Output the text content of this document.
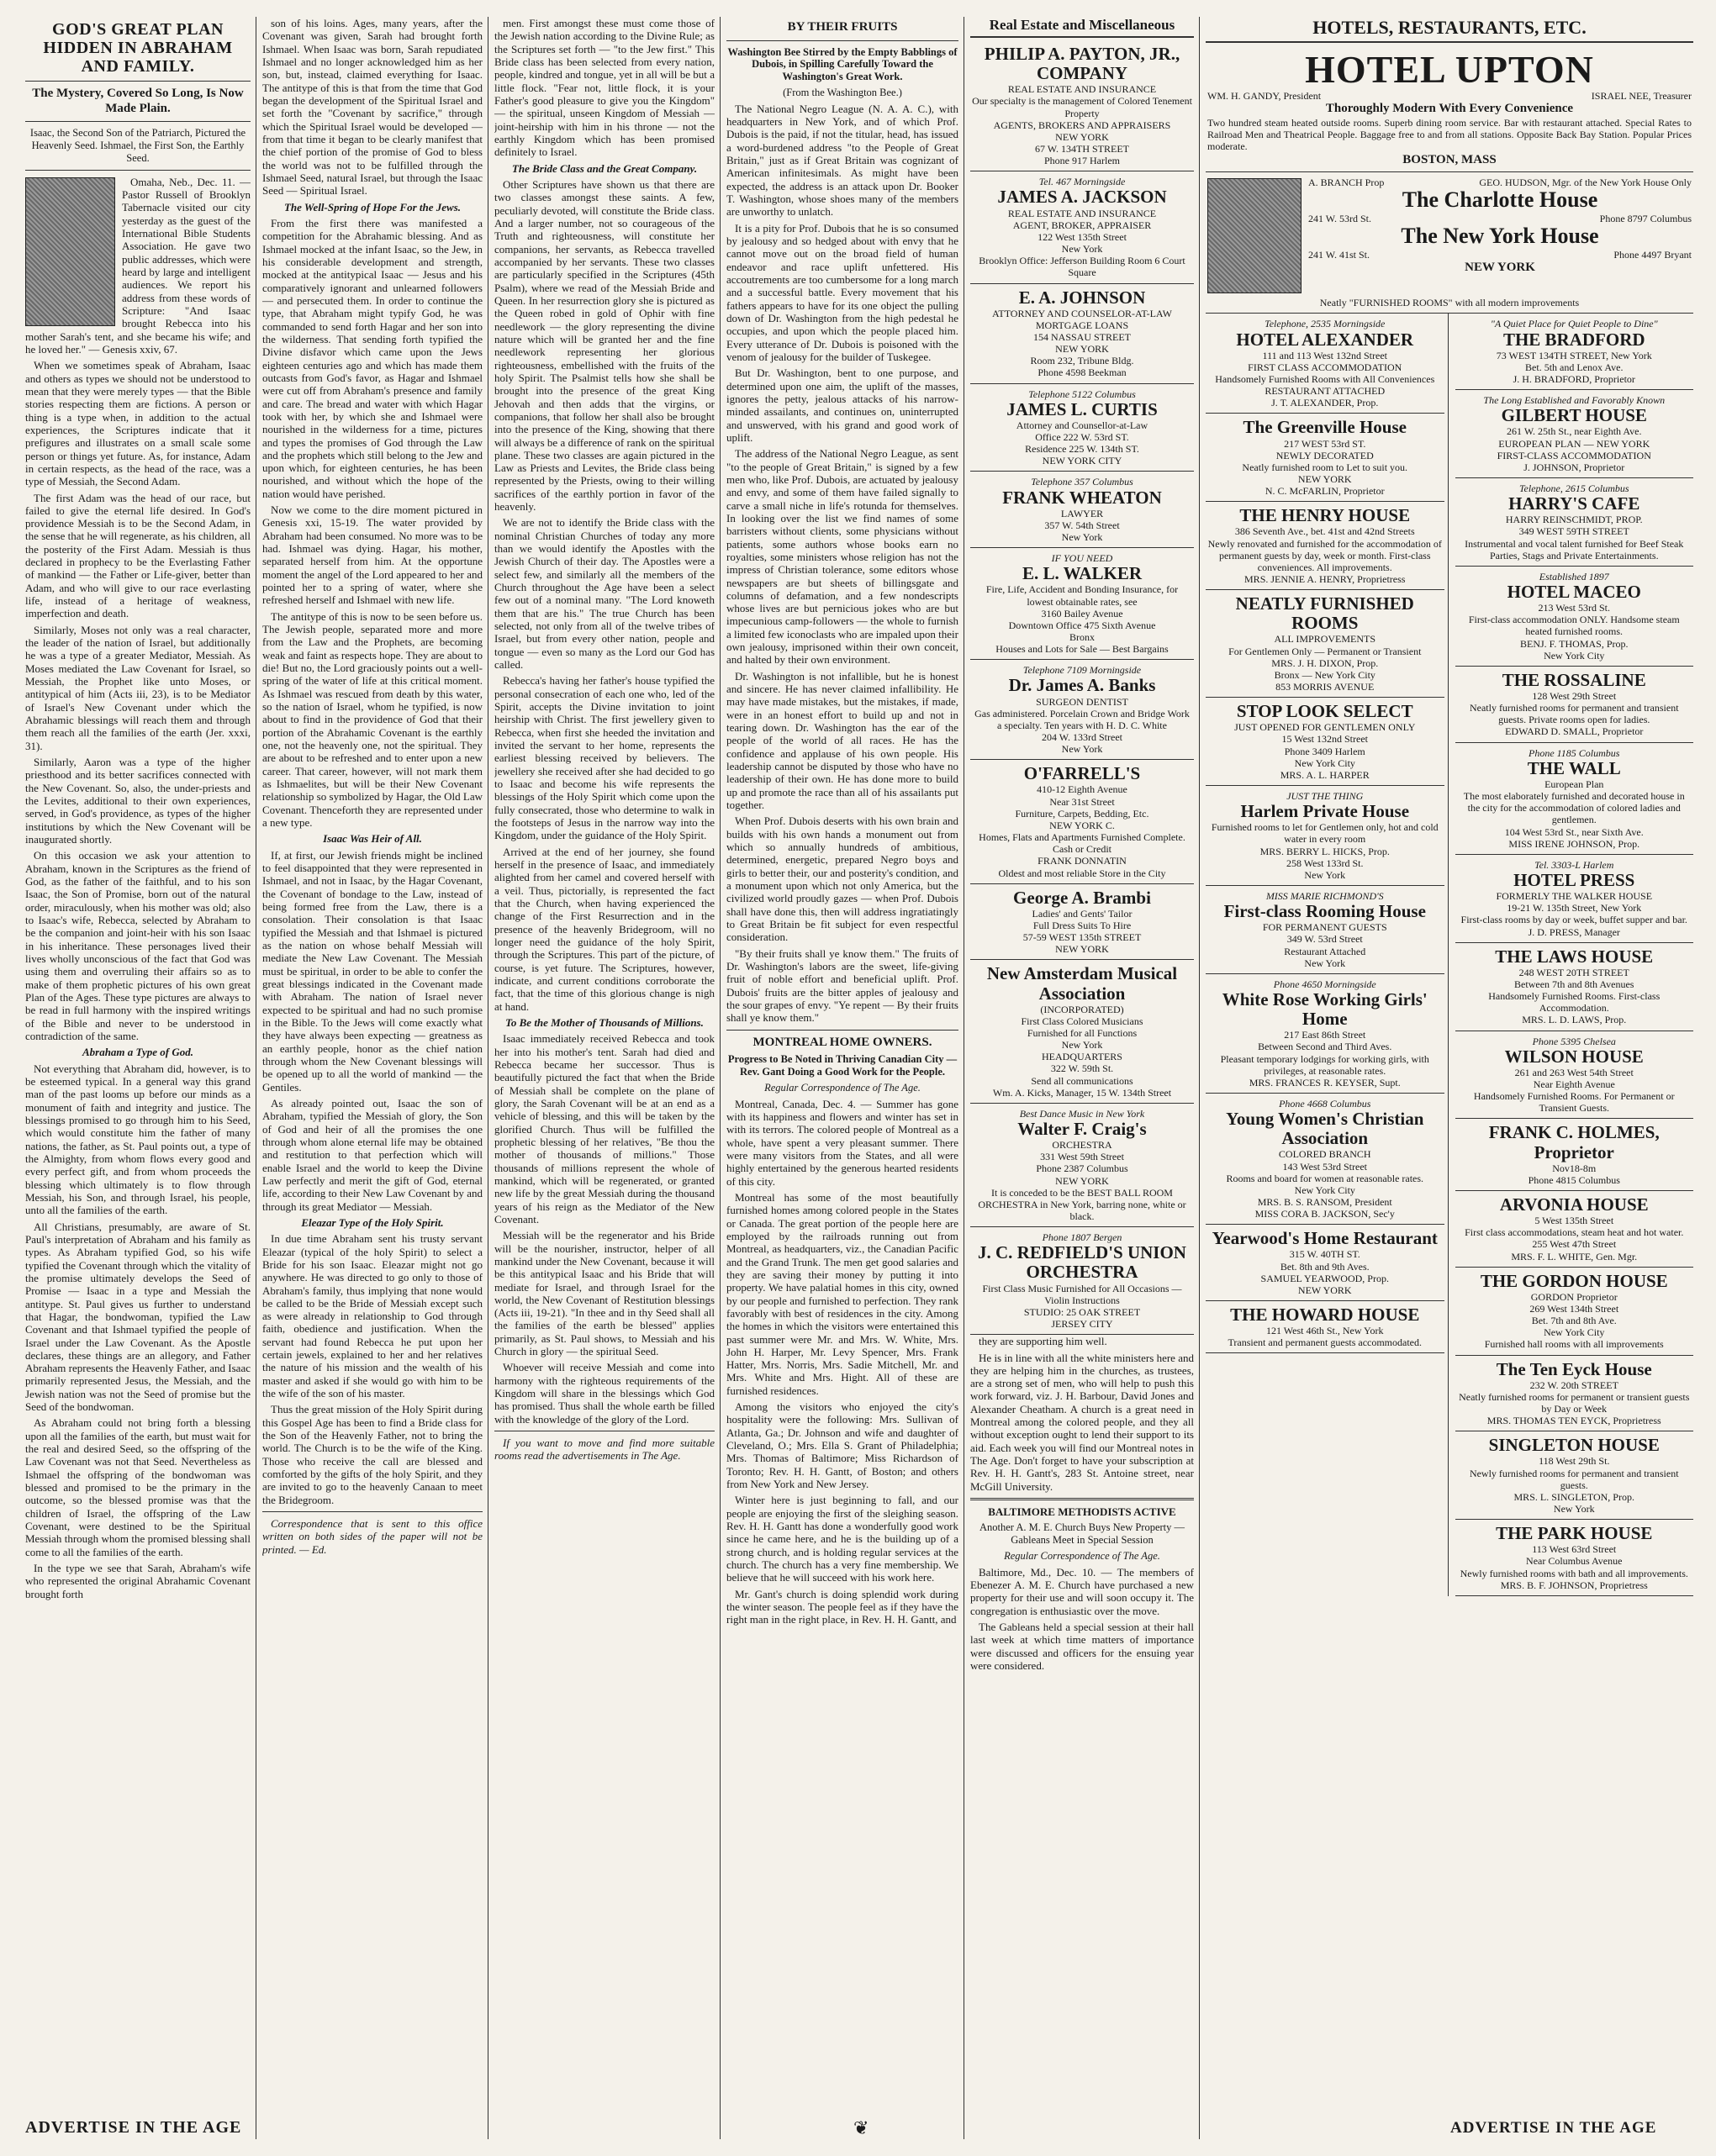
GOD'S GREAT PLAN HIDDEN IN ABRAHAM AND FAMILY.
The Mystery, Covered So Long, Is Now Made Plain.
Isaac, the Second Son of the Patriarch, Pictured the Heavenly Seed. Ishmael, the First Son, the Earthly Seed.

Omaha, Neb., Dec. 11. — Pastor Russell of Brooklyn Tabernacle visited our city yesterday as the guest of the International Bible Students Association. He gave two public addresses, which were heard by large and intelligent audiences. We report his address from these words of Scripture: "And Isaac brought Rebecca into his mother Sarah's tent, and she became his wife; and he loved her." — Genesis xxiv, 67.

When we sometimes speak of Abraham, Isaac and others as types we should not be understood to mean that they were merely types — that the Bible stories respecting them are fictions. A person or thing is a type when, in addition to the actual experiences, the Scriptures indicate that it prefigures and illustrates on a small scale some person or things yet future. As, for instance, Adam in certain respects, as the head of the race, was a type of Messiah, the Second Adam.

The first Adam was the head of our race, but failed to give the eternal life desired. In God's providence Messiah is to be the Second Adam, in the sense that he will regenerate, as his children, all the posterity of the First Adam. Messiah is thus declared in prophecy to be the Everlasting Father of mankind — the Father or Life-giver, better than Adam, and who will give to our race everlasting life, instead of a heritage of weakness, imperfection and death.

Similarly, Moses not only was a real character, the leader of the nation of Israel, but additionally he was a type of a greater Mediator, Messiah. As Moses mediated the Law Covenant for Israel, so Messiah, the Prophet like unto Moses, or antitypical of him (Acts iii, 23), is to be Mediator of Israel's New Covenant under which the Abrahamic blessings will reach them and through them reach all the families of the earth (Jer. xxxi, 31).

Similarly, Aaron was a type of the higher priesthood and its better sacrifices connected with the New Covenant. So, also, the under-priests and the Levites, additional to their own experiences, served, in God's providence, as types of the higher institutions by which the New Covenant will be inaugurated shortly.

On this occasion we ask your attention to Abraham, known in the Scriptures as the friend of God, as the father of the faithful, and to his son Isaac, the Son of Promise, born out of the natural order, miraculously, when his mother was old; also to Isaac's wife, Rebecca, selected by Abraham to be the companion and joint-heir with his son Isaac in his inheritance. These personages lived their lives wholly unconscious of the fact that God was using them and overruling their affairs so as to make of them prophetic pictures of his own great Plan of the Ages. These type pictures are always to be read in full harmony with the inspired writings of the Bible and never to be understood in contradiction of the same.

Abraham a Type of God.

Not everything that Abraham did, however, is to be esteemed typical. In a general way this grand man of the past looms up before our minds as a monument of faith and integrity and justice. The blessings promised to go through him to his Seed, which would constitute him the father of many nations, the father, as St. Paul points out, a type of the Almighty, from whom flows every good and every perfect gift, and from whom proceeds the blessing which ultimately is to flow through Messiah, his Son, and through Israel, his people, unto all the families of the earth.

All Christians, presumably, are aware of St. Paul's interpretation of Abraham and his family as types. As Abraham typified God, so his wife typified the Covenant through which the vitality of the promise ultimately develops the Seed of Promise — Isaac in a type and Messiah the antitype. St. Paul gives us further to understand that Hagar, the bondwoman, typified the Law Covenant and that Ishmael typified the people of Israel under the Law Covenant. As the Apostle declares, these things are an allegory, and Father Abraham represents the Heavenly Father, and Isaac primarily represented Jesus, the Messiah, and the Jewish nation was not the Seed of promise but the Seed of the bondwoman.

As Abraham could not bring forth a blessing upon all the families of the earth, but must wait for the real and desired Seed, so the offspring of the Law Covenant was not that Seed. Nevertheless as Ishmael the offspring of the bondwoman was blessed and promised to be the primary in the outcome, so the blessed promise was that the children of Israel, the offspring of the Law Covenant, were destined to be the Spiritual Messiah through whom the promised blessing shall come to all the families of the earth.

In the type we see that Sarah, Abraham's wife who represented the original Abrahamic Covenant brought forth

ADVERTISE IN THE AGE

son of his loins. Ages, many years, after the Covenant was given, Sarah had brought forth Ishmael. When Isaac was born, Sarah repudiated Ishmael and no longer acknowledged him as her son, but, instead, claimed everything for Isaac. The antitype of this is that from the time that God began the development of the Spiritual Israel and set forth the "Covenant by sacrifice," through which the Spiritual Israel would be developed — from that time it began to be clearly manifest that the chief portion of the promise of God to bless the world was not to be fulfilled through the Ishmael Seed, natural Israel, but through the Isaac Seed — Spiritual Israel.

The Well-Spring of Hope For the Jews.

From the first there was manifested a competition for the Abrahamic blessing. And as Ishmael mocked at the infant Isaac, so the Jew, in his considerable development and strength, mocked at the antitypical Isaac — Jesus and his comparatively ignorant and unlearned followers — and persecuted them. In order to continue the type, that Abraham might typify God, he was commanded to send forth Hagar and her son into the wilderness. That sending forth typified the Divine disfavor which came upon the Jews eighteen centuries ago and which has made them outcasts from God's favor, as Hagar and Ishmael were cut off from Abraham's presence and family and care. The bread and water with which Hagar took with her, by which she and Ishmael were nourished in the wilderness for a time, pictures and types the promises of God through the Law and the prophets which still belong to the Jew and upon which, for eighteen centuries, he has been nourished, and without which the hope of the nation would have perished.

Now we come to the dire moment pictured in Genesis xxi, 15-19. The water provided by Abraham had been consumed. No more was to be had. Ishmael was dying. Hagar, his mother, separated herself from him. At the opportune moment the angel of the Lord appeared to her and pointed her to a spring of water, where she refreshed herself and Ishmael with new life.

The antitype of this is now to be seen before us. The Jewish people, separated more and more from the Law and the Prophets, are becoming weak and faint as respects hope. They are about to die! But no, the Lord graciously points out a well-spring of the water of life at this critical moment. As Ishmael was rescued from death by this water, so the nation of Israel, whom he typified, is now about to find in the providence of God that their portion of the Abrahamic Covenant is the earthly one, not the heavenly one, not the spiritual. They are about to be refreshed and to enter upon a new career. That career, however, will not mark them as Ishmaelites, but will be their New Covenant relationship so symbolized by Hagar, the Old Law Covenant. Thenceforth they are represented under a new type.

Isaac Was Heir of All.

If, at first, our Jewish friends might be inclined to feel disappointed that they were represented in Ishmael, and not in Isaac, by the Hagar Covenant, the Covenant of bondage to the Law, instead of being formed free from the Law, there is a consolation. Their consolation is that Isaac typified the Messiah and that Ishmael is pictured as the nation on whose behalf Messiah will mediate the New Law Covenant. The Messiah must be spiritual, in order to be able to confer the great blessings indicated in the Covenant made with Abraham. The nation of Israel never expected to be spiritual and had no such promise in the Bible. To the Jews will come exactly what they have always been expecting — greatness as an earthly people, honor as the chief nation through whom the New Covenant blessings will be opened up to all the world of mankind — the Gentiles.

As already pointed out, Isaac the son of Abraham, typified the Messiah of glory, the Son of God and heir of all the promises the one through whom alone eternal life may be obtained and restitution to that perfection which will enable Israel and the world to keep the Divine Law perfectly and merit the gift of God, eternal life, according to their New Law Covenant by and through its great Mediator — Messiah.

Eleazar Type of the Holy Spirit.

In due time Abraham sent his trusty servant Eleazar (typical of the holy Spirit) to select a Bride for his son Isaac. Eleazar might not go anywhere. He was directed to go only to those of Abraham's family, thus implying that none would be called to be the Bride of Messiah except such as were already in relationship to God through faith, obedience and justification. When the servant had found Rebecca he put upon her certain jewels, explained to her and her relatives the nature of his mission and the wealth of his master and asked if she would go with him to be the wife of the son of his master.

Thus the great mission of the Holy Spirit during this Gospel Age has been to find a Bride class for the Son of the Heavenly Father, not to bring the world. The Church is to be the wife of the King. Those who receive the call are blessed and comforted by the gifts of the holy Spirit, and they are invited to go to the heavenly Canaan to meet the Bridegroom.

Correspondence that is sent to this office written on both sides of the paper will not be printed. — Ed.

men. First amongst these must come those of the Jewish nation according to the Divine Rule; as the Scriptures set forth — "to the Jew first." This Bride class has been selected from every nation, people, kindred and tongue, yet in all will be but a little flock. "Fear not, little flock, it is your Father's good pleasure to give you the Kingdom" — the spiritual, unseen Kingdom of Messiah — joint-heirship with him in his throne — not the earthly Kingdom which has been promised definitely to Israel.

The Bride Class and the Great Company.

Other Scriptures have shown us that there are two classes amongst these saints. A few, peculiarly devoted, will constitute the Bride class. And a larger number, not so courageous of the Truth and righteousness, will constitute her companions, her servants, as Rebecca travelled accompanied by her servants. These two classes are particularly specified in the Scriptures (45th Psalm), where we read of the Messiah Bride and Queen. In her resurrection glory she is pictured as the Queen robed in gold of Ophir with fine needlework — the glory representing the divine nature which will be granted her and the fine needlework representing her glorious righteousness, embellished with the fruits of the holy Spirit. The Psalmist tells how she shall be brought into the presence of the great King Jehovah and then adds that the virgins, or companions, that follow her shall also be brought into the presence of the King, showing that there will always be a difference of rank on the spiritual plane. These two classes are again pictured in the Law as Priests and Levites, the Bride class being represented by the Priests, owing to their willing sacrifices of the earthly portion in favor of the heavenly.

We are not to identify the Bride class with the nominal Christian Churches of today any more than we would identify the Apostles with the Jewish Church of their day. The Apostles were a select few, and similarly all the members of the Church throughout the Age have been a select few out of a nominal many. "The Lord knoweth them that are his." The true Church has been selected, not only from all of the twelve tribes of Israel, but from every other nation, people and tongue — even so many as the Lord our God has called.

Rebecca's having her father's house typified the personal consecration of each one who, led of the Spirit, accepts the Divine invitation to joint heirship with Christ. The first jewellery given to Rebecca, when first she heeded the invitation and invited the servant to her home, represents the earliest blessing received by believers. The jewellery she received after she had decided to go to Isaac and become his wife represents the blessings of the Holy Spirit which come upon the fully consecrated, those who determine to walk in the footsteps of Jesus in the narrow way into the Kingdom, under the guidance of the Holy Spirit.

Arrived at the end of her journey, she found herself in the presence of Isaac, and immediately alighted from her camel and covered herself with a veil. Thus, pictorially, is represented the fact that the Church, when having experienced the change of the First Resurrection and in the presence of the heavenly Bridegroom, will no longer need the guidance of the holy Spirit, through the Scriptures. This part of the picture, of course, is yet future. The Scriptures, however, indicate, and current conditions corroborate the fact, that the time of this glorious change is nigh at hand.

To Be the Mother of Thousands of Millions.

Isaac immediately received Rebecca and took her into his mother's tent. Sarah had died and Rebecca became her successor. Thus is beautifully pictured the fact that when the Bride of Messiah shall be complete on the plane of glory, the Sarah Covenant will be at an end as a vehicle of blessing, and this will be taken by the glorified Church. Thus will be fulfilled the prophetic blessing of her relatives, "Be thou the mother of thousands of millions." Those thousands of millions represent the whole of mankind, which will be regenerated, or granted new life by the great Messiah during the thousand years of his reign as the Mediator of the New Covenant.

Messiah will be the regenerator and his Bride will be the nourisher, instructor, helper of all mankind under the New Covenant, because it will be this antitypical Isaac and his Bride that will mediate for Israel, and through Israel for the world, the New Covenant of Restitution blessings (Acts iii, 19-21). "In thee and in thy Seed shall all the families of the earth be blessed" applies primarily, as St. Paul shows, to Messiah and his Church in glory — the spiritual Seed.

Whoever will receive Messiah and come into harmony with the righteous requirements of the Kingdom will share in the blessings which God has promised. Thus shall the whole earth be filled with the knowledge of the glory of the Lord.

If you want to move and find more suitable rooms read the advertisements in The Age.

BY THEIR FRUITS
Washington Bee Stirred by the Empty Babblings of Dubois, in Spilling Carefully Toward the Washington's Great Work.
(From the Washington Bee.)

The National Negro League (N. A. A. C.), with headquarters in New York, and of which Prof. Dubois is the paid, if not the titular, head, has issued a word-burdened address "to the People of Great Britain," just as if Great Britain was cognizant of American infinitesimals. As might have been expected, the address is an attack upon Dr. Booker T. Washington, whose shoes many of the members are unworthy to unlatch.

It is a pity for Prof. Dubois that he is so consumed by jealousy and so hedged about with envy that he cannot move out on the broad field of human endeavor and race uplift unfettered. His accoutrements are too cumbersome for a long march and a successful battle. Every movement that his fathers appears to have for its one object the pulling down of Dr. Washington from the high pedestal he occupies, and upon which the people placed him. Every utterance of Dr. Dubois is poisoned with the venom of jealousy for the builder of Tuskegee.

But Dr. Washington, bent to one purpose, and determined upon one aim, the uplift of the masses, ignores the petty, jealous attacks of his narrow-minded assailants, and continues on, uninterrupted and unswerved, with his grand and good work of uplift.

The address of the National Negro League, as sent "to the people of Great Britain," is signed by a few men who, like Prof. Dubois, are actuated by jealousy and envy, and some of them have failed signally to carve a small niche in life's rotunda for themselves. In looking over the list we find names of some barristers without clients, some physicians without patients, some authors whose books earn no royalties, some ministers whose religion has not the impress of Christian tolerance, some editors whose newspapers are but sheets of billingsgate and columns of defamation, and a few nondescripts whose lives are but pernicious jokes who are but impecunious camp-followers — the whole to furnish a limited few iconoclasts who are impaled upon their own jealousy, imprisoned within their own conceit, and halted by their own environment.

Dr. Washington is not infallible, but he is honest and sincere. He has never claimed infallibility. He may have made mistakes, but the mistakes, if made, were in an honest effort to build up and not in tearing down. Dr. Washington has the ear of the people of the world of all races. He has the confidence and applause of his own people. His leadership cannot be disputed by those who have no leadership of their own. He has done more to build up and promote the race than all of his assailants put together.

When Prof. Dubois deserts with his own brain and builds with his own hands a monument out from which so annually hundreds of ambitious, determined, energetic, prepared Negro boys and girls to better their, our and posterity's condition, and a monument upon which not only America, but the civilized world proudly gazes — when Prof. Dubois shall have done this, then will address ingratiatingly to Great Britain be fit subject for even respectful consideration.

"By their fruits shall ye know them." The fruits of Dr. Washington's labors are the sweet, life-giving fruit of noble effort and beneficial uplift. Prof. Dubois' fruits are the bitter apples of jealousy and the sour grapes of envy. "Ye repent — By their fruits shall ye know them."

MONTREAL HOME OWNERS.
Progress to Be Noted in Thriving Canadian City — Rev. Gant Doing a Good Work for the People.
Regular Correspondence of The Age.

Montreal, Canada, Dec. 4. — Summer has gone with its happiness and flowers and winter has set in with its terrors. The colored people of Montreal as a whole, have spent a very pleasant summer. There were many visitors from the States, and all were highly entertained by the generous hearted residents of this city.

Montreal has some of the most beautifully furnished homes among colored people in the States or Canada. The great portion of the people here are employed by the railroads running out from Montreal, as headquarters, viz., the Canadian Pacific and the Grand Trunk. The men get good salaries and they are saving their money by putting it into property. We have palatial homes in this city, owned by our people and furnished to perfection. They rank favorably with best of residences in the city. Among the homes in which the visitors were entertained this past summer were Mr. and Mrs. W. White, Mrs. John H. Harper, Mr. Levy Spencer, Mrs. Frank Hatter, Mrs. Norris, Mrs. Sadie Mitchell, Mr. and Mrs. White and Mrs. Hight. All of these are furnished residences.

Among the visitors who enjoyed the city's hospitality were the following: Mrs. Sullivan of Atlanta, Ga.; Dr. Johnson and wife and daughter of Cleveland, O.; Mrs. Ella S. Grant of Philadelphia; Mrs. Thomas of Baltimore; Miss Richardson of Toronto; Rev. H. H. Gantt, of Boston; and others from New York and New Jersey.

Winter here is just beginning to fall, and our people are enjoying the first of the sleighing season. Rev. H. H. Gantt has done a wonderfully good work since he came here, and he is the building up of a strong church, and is holding regular services at the church. The church has a very fine membership. We believe that he will succeed with his work here.

Mr. Gant's church is doing splendid work during the winter season. The people feel as if they have the right man in the right place, in Rev. H. H. Gantt, and

Real Estate and Miscellaneous
PHILIP A. PAYTON, JR., COMPANY
REAL ESTATE AND INSURANCE
Our specialty is the management of Colored Tenement Property
AGENTS, BROKERS AND APPRAISERS
NEW YORK
67 W. 134TH STREET
Phone 917 Harlem
Tel. 467 Morningside
JAMES A. JACKSON
REAL ESTATE AND INSURANCE
AGENT, BROKER, APPRAISER
122 West 135th Street
New York
Brooklyn Office: Jefferson Building Room 6 Court Square
E. A. JOHNSON
ATTORNEY AND COUNSELOR-AT-LAW
MORTGAGE LOANS
154 NASSAU STREET
NEW YORK
Room 232, Tribune Bldg.
Phone 4598 Beekman
Telephone 5122 Columbus
JAMES L. CURTIS
Attorney and Counsellor-at-Law
Office 222 W. 53rd ST.
Residence 225 W. 134th ST.
NEW YORK CITY
Telephone 357 Columbus
FRANK WHEATON
LAWYER
357 W. 54th Street
New York
IF YOU NEED
E. L. WALKER
Fire, Life, Accident and Bonding Insurance, for lowest obtainable rates, see
3160 Bailey Avenue
Downtown Office 475 Sixth Avenue
Bronx
Houses and Lots for Sale — Best Bargains
Telephone 7109 Morningside
Dr. James A. Banks
SURGEON DENTIST
Gas administered. Porcelain Crown and Bridge Work a specialty. Ten years with H. D. C. White
204 W. 133rd Street
New York
O'FARRELL'S
410-12 Eighth Avenue
Near 31st Street
Furniture, Carpets, Bedding, Etc.
NEW YORK C.
Homes, Flats and Apartments Furnished Complete.
Cash or Credit
FRANK DONNATIN
Oldest and most reliable Store in the City
George A. Brambi
Ladies' and Gents' Tailor
Full Dress Suits To Hire
57-59 WEST 135th STREET
NEW YORK
New Amsterdam Musical Association
(INCORPORATED)
First Class Colored Musicians
Furnished for all Functions
New York
HEADQUARTERS
322 W. 59th St.
Send all communications
Wm. A. Kicks, Manager, 15 W. 134th Street
Best Dance Music in New York
Walter F. Craig's
ORCHESTRA
331 West 59th Street
Phone 2387 Columbus
NEW YORK
It is conceded to be the BEST BALL ROOM ORCHESTRA in New York, barring none, white or black.
Phone 1807 Bergen
J. C. REDFIELD'S UNION ORCHESTRA
First Class Music Furnished for All Occasions — Violin Instructions
STUDIO: 25 OAK STREET
JERSEY CITY

they are supporting him well.

He is in line with all the white ministers here and they are helping him in the churches, as trustees, are a strong set of men, who will help to push this work forward, viz. J. H. Barbour, David Jones and Alexander Cheatham. A church is a great need in Montreal among the colored people, and they all without exception ought to lend their support to its aid. Each week you will find our Montreal notes in The Age. Don't forget to have your subscription at Rev. H. H. Gantt's, 283 St. Antoine street, near McGill University.

BALTIMORE METHODISTS ACTIVE
Another A. M. E. Church Buys New Property — Gableans Meet in Special Session
Regular Correspondence of The Age.

Baltimore, Md., Dec. 10. — The members of Ebenezer A. M. E. Church have purchased a new property for their use and will soon occupy it. The congregation is enthusiastic over the move.

The Gableans held a special session at their hall last week at which time matters of importance were discussed and officers for the ensuing year were considered.

HOTELS, RESTAURANTS, ETC.
HOTEL UPTON
WM. H. GANDY, President	ISRAEL NEE, Treasurer
Thoroughly Modern With Every Convenience
Two hundred steam heated outside rooms. Superb dining room service. Bar with restaurant attached. Special Rates to Railroad Men and Theatrical People. Baggage free to and from all stations. Opposite Back Bay Station. Popular Prices moderate.
BOSTON, MASS
A. BRANCH Prop	GEO. HUDSON, Mgr. of the New York House Only
The Charlotte House
241 W. 53rd St.	Phone 8797 Columbus
The New York House
241 W. 41st St.	Phone 4497 Bryant
NEW YORK
Neatly "FURNISHED ROOMS" with all modern improvements
Telephone, 2535 Morningside
HOTEL ALEXANDER
111 and 113 West 132nd Street
FIRST CLASS ACCOMMODATION
Handsomely Furnished Rooms with All Conveniences
RESTAURANT ATTACHED
J. T. ALEXANDER, Prop.
The Greenville House
217 WEST 53rd ST.
NEWLY DECORATED
Neatly furnished room to Let to suit you.
NEW YORK
N. C. McFARLIN, Proprietor
THE HENRY HOUSE
386 Seventh Ave., bet. 41st and 42nd Streets
Newly renovated and furnished for the accommodation of permanent guests by day, week or month. First-class conveniences. All improvements.
MRS. JENNIE A. HENRY, Proprietress
NEATLY FURNISHED ROOMS
ALL IMPROVEMENTS
For Gentlemen Only — Permanent or Transient
MRS. J. H. DIXON, Prop.
Bronx — New York City
853 MORRIS AVENUE
STOP LOOK SELECT
JUST OPENED FOR GENTLEMEN ONLY
15 West 132nd Street
Phone 3409 Harlem
New York City
MRS. A. L. HARPER
JUST THE THING
Harlem Private House
Furnished rooms to let for Gentlemen only, hot and cold water in every room
MRS. BERRY L. HICKS, Prop.
258 West 133rd St.
New York
MISS MARIE RICHMOND'S
First-class Rooming House
FOR PERMANENT GUESTS
349 W. 53rd Street
Restaurant Attached
New York
Phone 4650 Morningside
White Rose Working Girls' Home
217 East 86th Street
Between Second and Third Aves.
Pleasant temporary lodgings for working girls, with privileges, at reasonable rates.
MRS. FRANCES R. KEYSER, Supt.
Phone 4668 Columbus
Young Women's Christian Association
COLORED BRANCH
143 West 53rd Street
Rooms and board for women at reasonable rates.
New York City
MRS. B. S. RANSOM, President
MISS CORA B. JACKSON, Sec'y
Yearwood's Home Restaurant
315 W. 40TH ST.
Bet. 8th and 9th Aves.
SAMUEL YEARWOOD, Prop.
NEW YORK
THE HOWARD HOUSE
121 West 46th St., New York
Transient and permanent guests accommodated.
"A Quiet Place for Quiet People to Dine"
THE BRADFORD
73 WEST 134TH STREET, New York
Bet. 5th and Lenox Ave.
J. H. BRADFORD, Proprietor
The Long Established and Favorably Known
GILBERT HOUSE
261 W. 25th St., near Eighth Ave.
EUROPEAN PLAN — NEW YORK
FIRST-CLASS ACCOMMODATION
J. JOHNSON, Proprietor
Telephone, 2615 Columbus
HARRY'S CAFE
HARRY REINSCHMIDT, PROP.
349 WEST 59TH STREET
Instrumental and vocal talent furnished for Beef Steak Parties, Stags and Private Entertainments.
Established 1897
HOTEL MACEO
213 West 53rd St.
First-class accommodation ONLY. Handsome steam heated furnished rooms.
BENJ. F. THOMAS, Prop.
New York City
THE ROSSALINE
128 West 29th Street
Neatly furnished rooms for permanent and transient guests. Private rooms open for ladies.
EDWARD D. SMALL, Proprietor
Phone 1185 Columbus
THE WALL
European Plan
The most elaborately furnished and decorated house in the city for the accommodation of colored ladies and gentlemen.
104 West 53rd St., near Sixth Ave.
MISS IRENE JOHNSON, Prop.
Tel. 3303-L Harlem
HOTEL PRESS
FORMERLY THE WALKER HOUSE
19-21 W. 135th Street, New York
First-class rooms by day or week, buffet supper and bar.
J. D. PRESS, Manager
THE LAWS HOUSE
248 WEST 20TH STREET
Between 7th and 8th Avenues
Handsomely Furnished Rooms. First-class Accommodation.
MRS. L. D. LAWS, Prop.
Phone 5395 Chelsea
WILSON HOUSE
261 and 263 West 54th Street
Near Eighth Avenue
Handsomely Furnished Rooms. For Permanent or Transient Guests.
FRANK C. HOLMES, Proprietor
Nov18-8m
Phone 4815 Columbus
ARVONIA HOUSE
5 West 135th Street
First class accommodations, steam heat and hot water.
255 West 47th Street
MRS. F. L. WHITE, Gen. Mgr.
THE GORDON HOUSE
GORDON Proprietor
269 West 134th Street
Bet. 7th and 8th Ave.
New York City
Furnished hall rooms with all improvements
The Ten Eyck House
232 W. 20th STREET
Neatly furnished rooms for permanent or transient guests by Day or Week
MRS. THOMAS TEN EYCK, Proprietress
SINGLETON HOUSE
118 West 29th St.
Newly furnished rooms for permanent and transient guests.
MRS. L. SINGLETON, Prop.
New York
THE PARK HOUSE
113 West 63rd Street
Near Columbus Avenue
Newly furnished rooms with bath and all improvements.
MRS. B. F. JOHNSON, Proprietress
ADVERTISE IN THE AGE
❦
